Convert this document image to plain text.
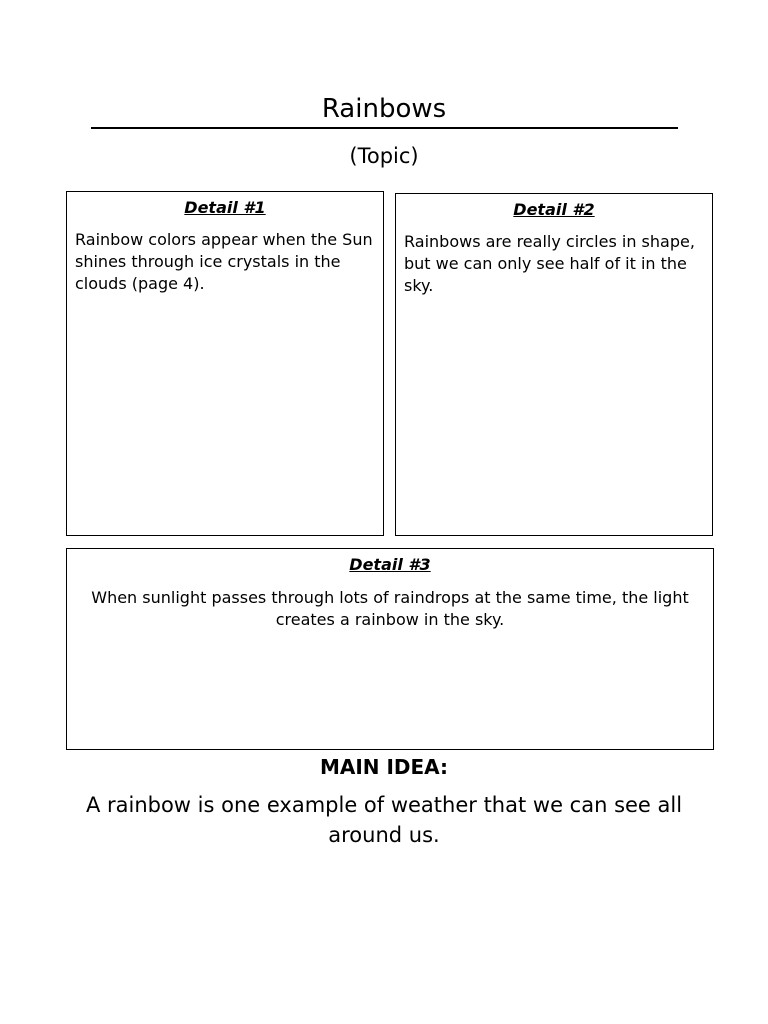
Rainbows
(Topic)
Detail #1
Rainbow colors appear when the Sun shines through ice crystals in the clouds (page 4).
Detail #2
Rainbows are really circles in shape, but we can only see half of it in the sky.
Detail #3
When sunlight passes through lots of raindrops at the same time, the light creates a rainbow in the sky.
MAIN IDEA:
A rainbow is one example of weather that we can see all around us.
